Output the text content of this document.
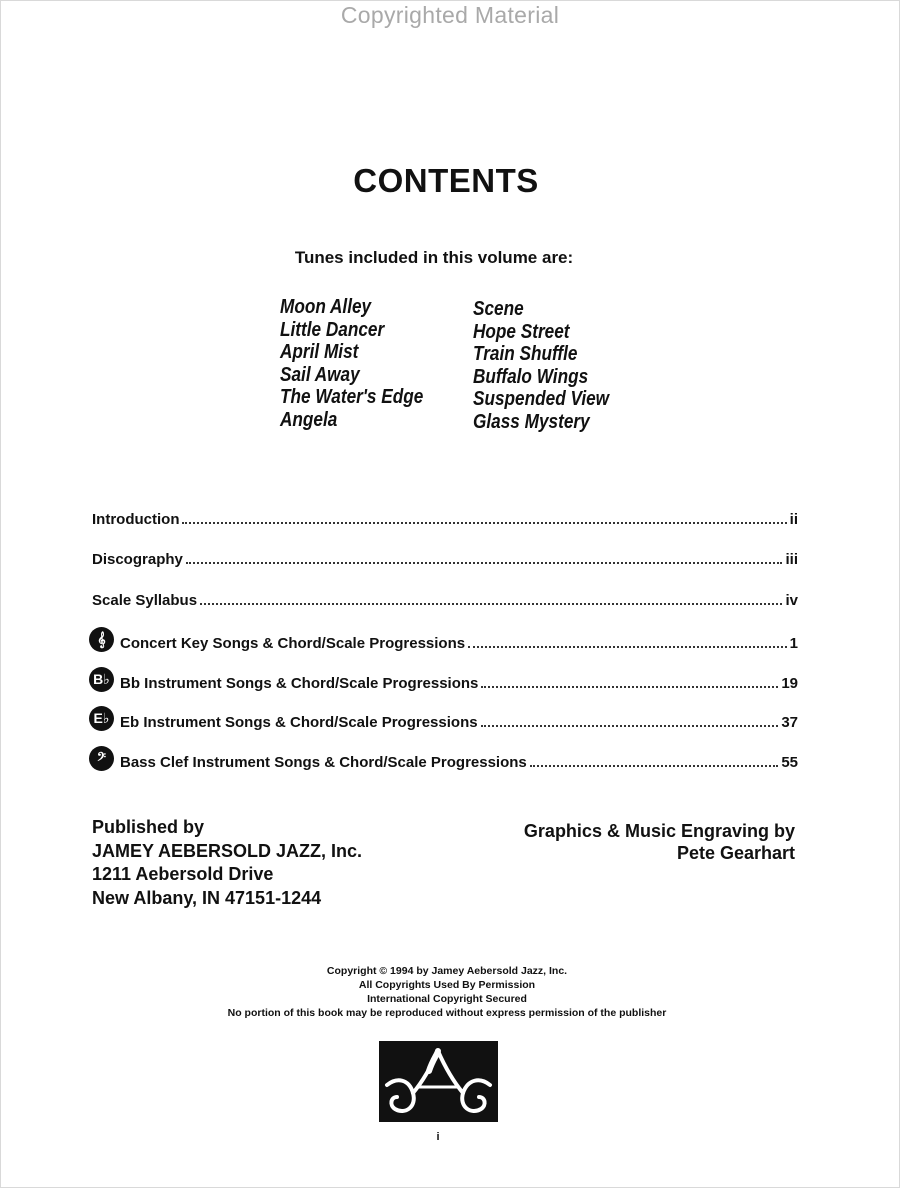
Copyrighted Material
CONTENTS
Tunes included in this volume are:
Moon Alley
Little Dancer
April Mist
Sail Away
The Water's Edge
Angela
Scene
Hope Street
Train Shuffle
Buffalo Wings
Suspended View
Glass Mystery
Introduction	ii
Discography	iii
Scale Syllabus	iv
𝄞 Concert Key Songs & Chord/Scale Progressions	1
B♭ Bb Instrument Songs & Chord/Scale Progressions	19
E♭ Eb Instrument Songs & Chord/Scale Progressions	37
𝄢 Bass Clef Instrument Songs & Chord/Scale Progressions	55
Published by
JAMEY AEBERSOLD JAZZ, Inc.
1211 Aebersold Drive
New Albany, IN 47151-1244
Graphics & Music Engraving by
Pete Gearhart
Copyright © 1994 by Jamey Aebersold Jazz, Inc.
All Copyrights Used By Permission
International Copyright Secured
No portion of this book may be reproduced without express permission of the publisher
i
